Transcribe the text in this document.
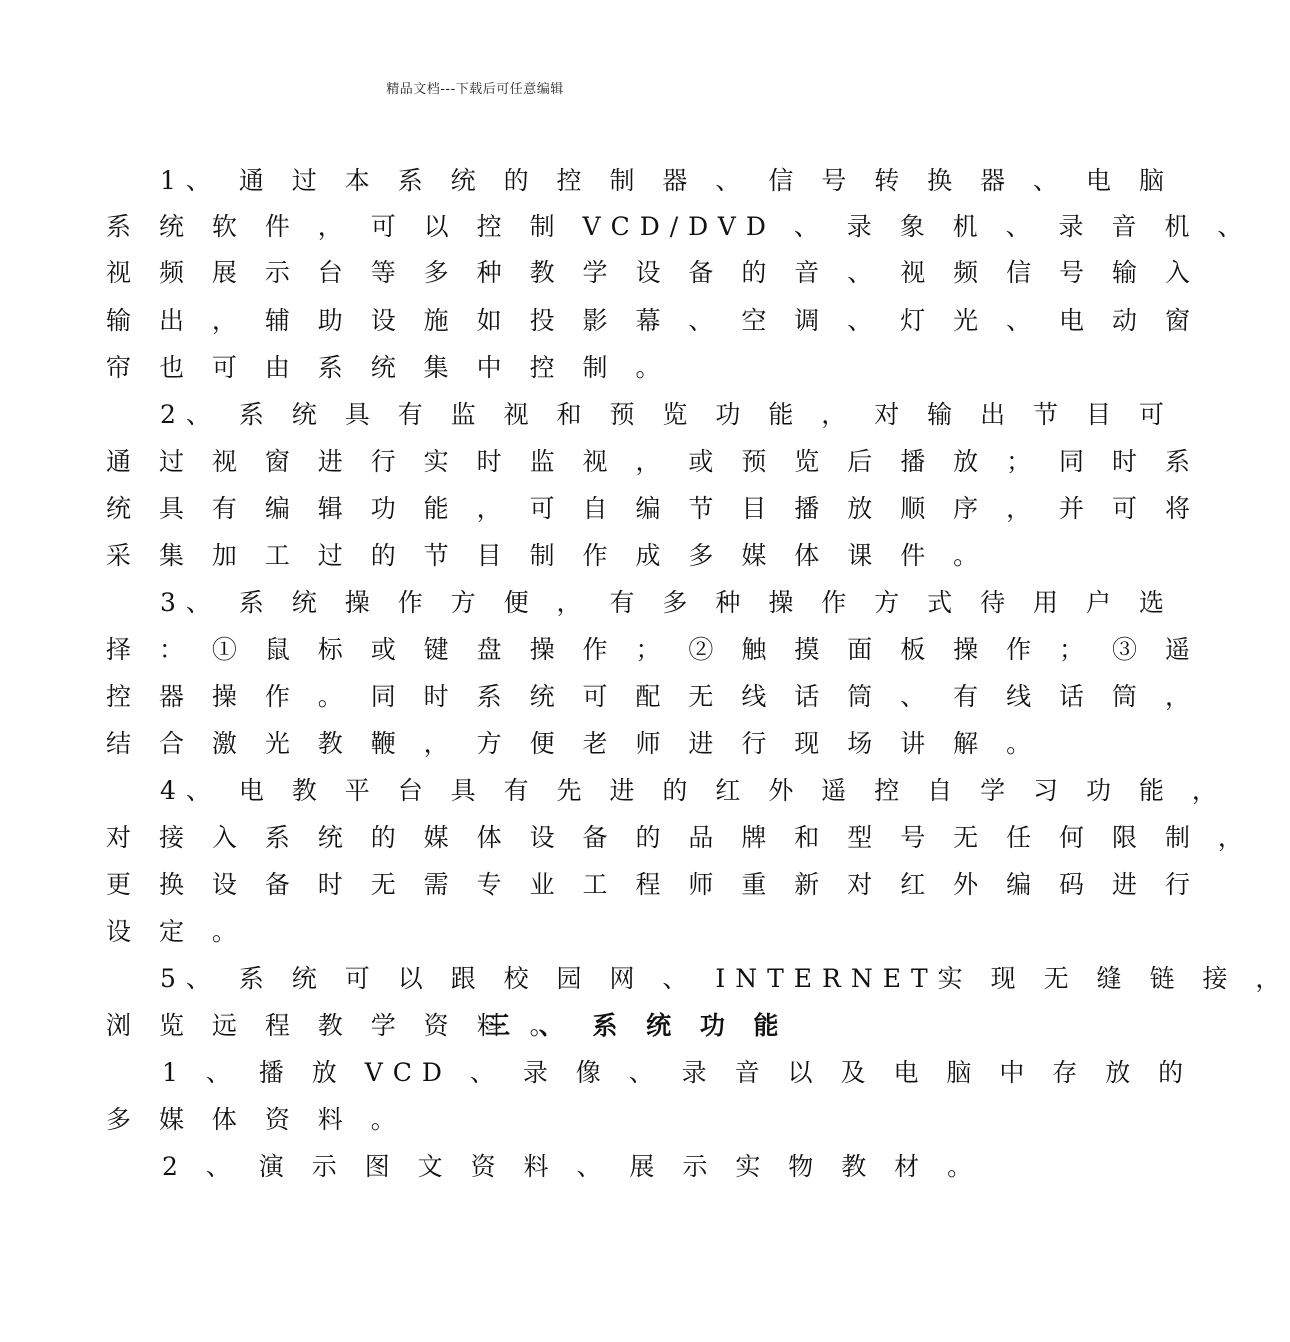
精品文档---下载后可任意编辑
1、 通 过 本 系 统 的 控 制 器 、 信 号 转 换 器 、 电 脑
系 统 软 件 ， 可 以 控 制 VCD/DVD 、 录 象 机 、 录 音 机 、
视 频 展 示 台 等 多 种 教 学 设 备 的 音 、 视 频 信 号 输 入
输 出 ， 辅 助 设 施 如 投 影 幕 、 空 调 、 灯 光 、 电 动 窗
帘 也 可 由 系 统 集 中 控 制 。
2、 系 统 具 有 监 视 和 预 览 功 能 ， 对 输 出 节 目 可
通 过 视 窗 进 行 实 时 监 视 ， 或 预 览 后 播 放 ； 同 时 系
统 具 有 编 辑 功 能 ， 可 自 编 节 目 播 放 顺 序 ， 并 可 将
采 集 加 工 过 的 节 目 制 作 成 多 媒 体 课 件 。
3、 系 统 操 作 方 便 ， 有 多 种 操 作 方 式 待 用 户 选
择 ： ① 鼠 标 或 键 盘 操 作 ； ② 触 摸 面 板 操 作 ； ③ 遥
控 器 操 作 。 同 时 系 统 可 配 无 线 话 筒 、 有 线 话 筒 ，
结 合 激 光 教 鞭 ， 方 便 老 师 进 行 现 场 讲 解 。
4、 电 教 平 台 具 有 先 进 的 红 外 遥 控 自 学 习 功 能 ，
对 接 入 系 统 的 媒 体 设 备 的 品 牌 和 型 号 无 任 何 限 制 ，
更 换 设 备 时 无 需 专 业 工 程 师 重 新 对 红 外 编 码 进 行
设 定 。
5、 系 统 可 以 跟 校 园 网 、 INTERNET实 现 无 缝 链 接 ，
浏 览 远 程 教 学 资 料 。
三 、 系 统 功 能
1 、 播 放 VCD 、 录 像 、 录 音 以 及 电 脑 中 存 放 的
多 媒 体 资 料 。
2 、 演 示 图 文 资 料 、 展 示 实 物 教 材 。
